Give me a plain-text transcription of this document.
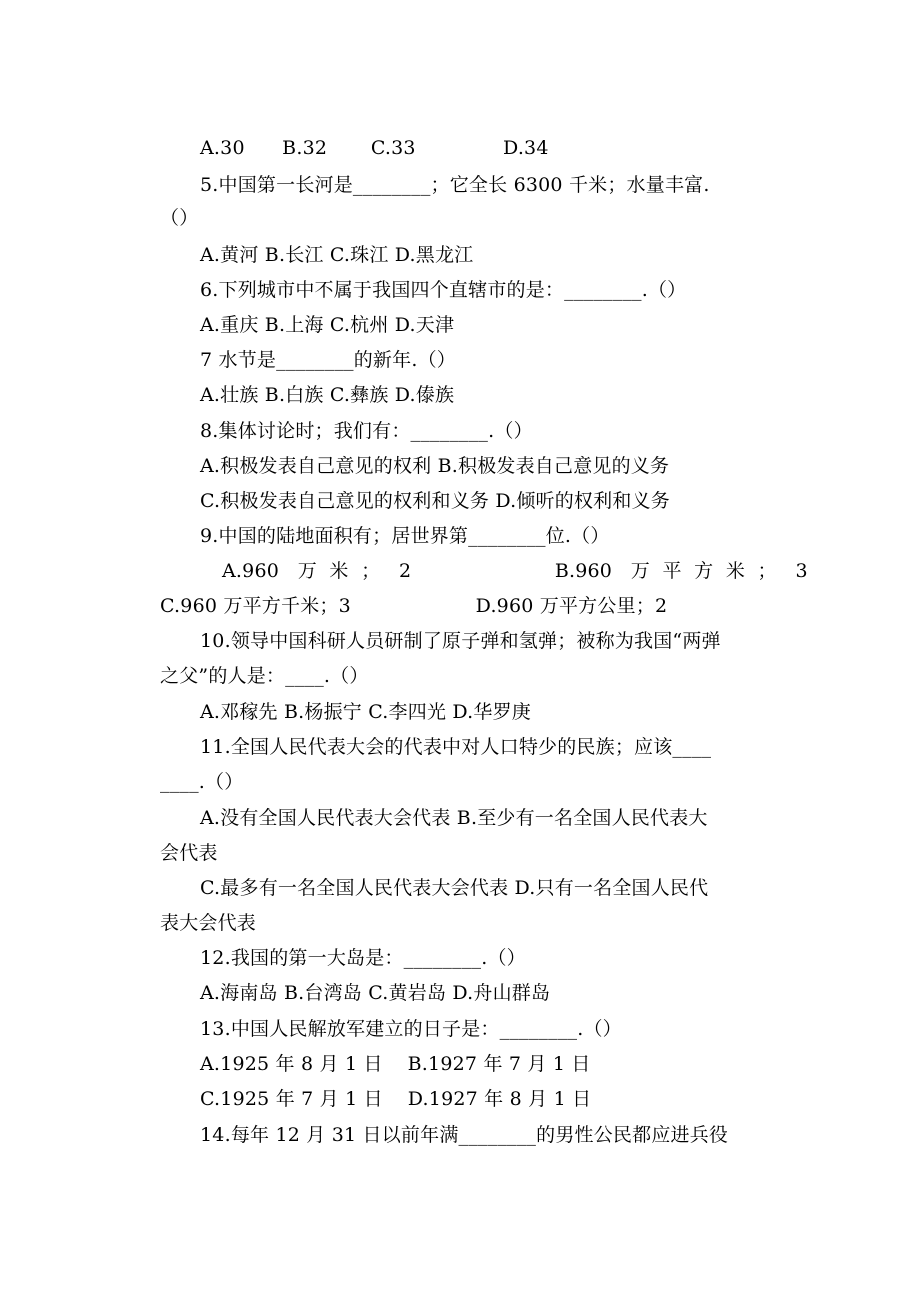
A.30      B.32       C.33              D.34
5.中国第一长河是________；它全长 6300 千米；水量丰富.
（）
A.黄河 B.长江 C.珠江 D.黑龙江
6.下列城市中不属于我国四个直辖市的是：________.（）
A.重庆 B.上海 C.杭州 D.天津
7 水节是________的新年.（）
A.壮族 B.白族 C.彝族 D.傣族
8.集体讨论时；我们有：________.（）
A.积极发表自己意见的权利 B.积极发表自己意见的义务
C.积极发表自己意见的权利和义务 D.倾听的权利和义务
9.中国的陆地面积有；居世界第________位.（）
A.960   万  米  ；   2                       B.960   万  平  方  米  ；   3
C.960 万平方千米；3                    D.960 万平方公里；2
10.领导中国科研人员研制了原子弹和氢弹；被称为我国“两弹
之父”的人是：____.（）
A.邓稼先 B.杨振宁 C.李四光 D.华罗庚
11.全国人民代表大会的代表中对人口特少的民族；应该____
____.（）
A.没有全国人民代表大会代表 B.至少有一名全国人民代表大
会代表
C.最多有一名全国人民代表大会代表 D.只有一名全国人民代
表大会代表
12.我国的第一大岛是：________.（）
A.海南岛 B.台湾岛 C.黄岩岛 D.舟山群岛
13.中国人民解放军建立的日子是：________.（）
A.1925 年 8 月 1 日    B.1927 年 7 月 1 日
C.1925 年 7 月 1 日    D.1927 年 8 月 1 日
14.每年 12 月 31 日以前年满________的男性公民都应进兵役
